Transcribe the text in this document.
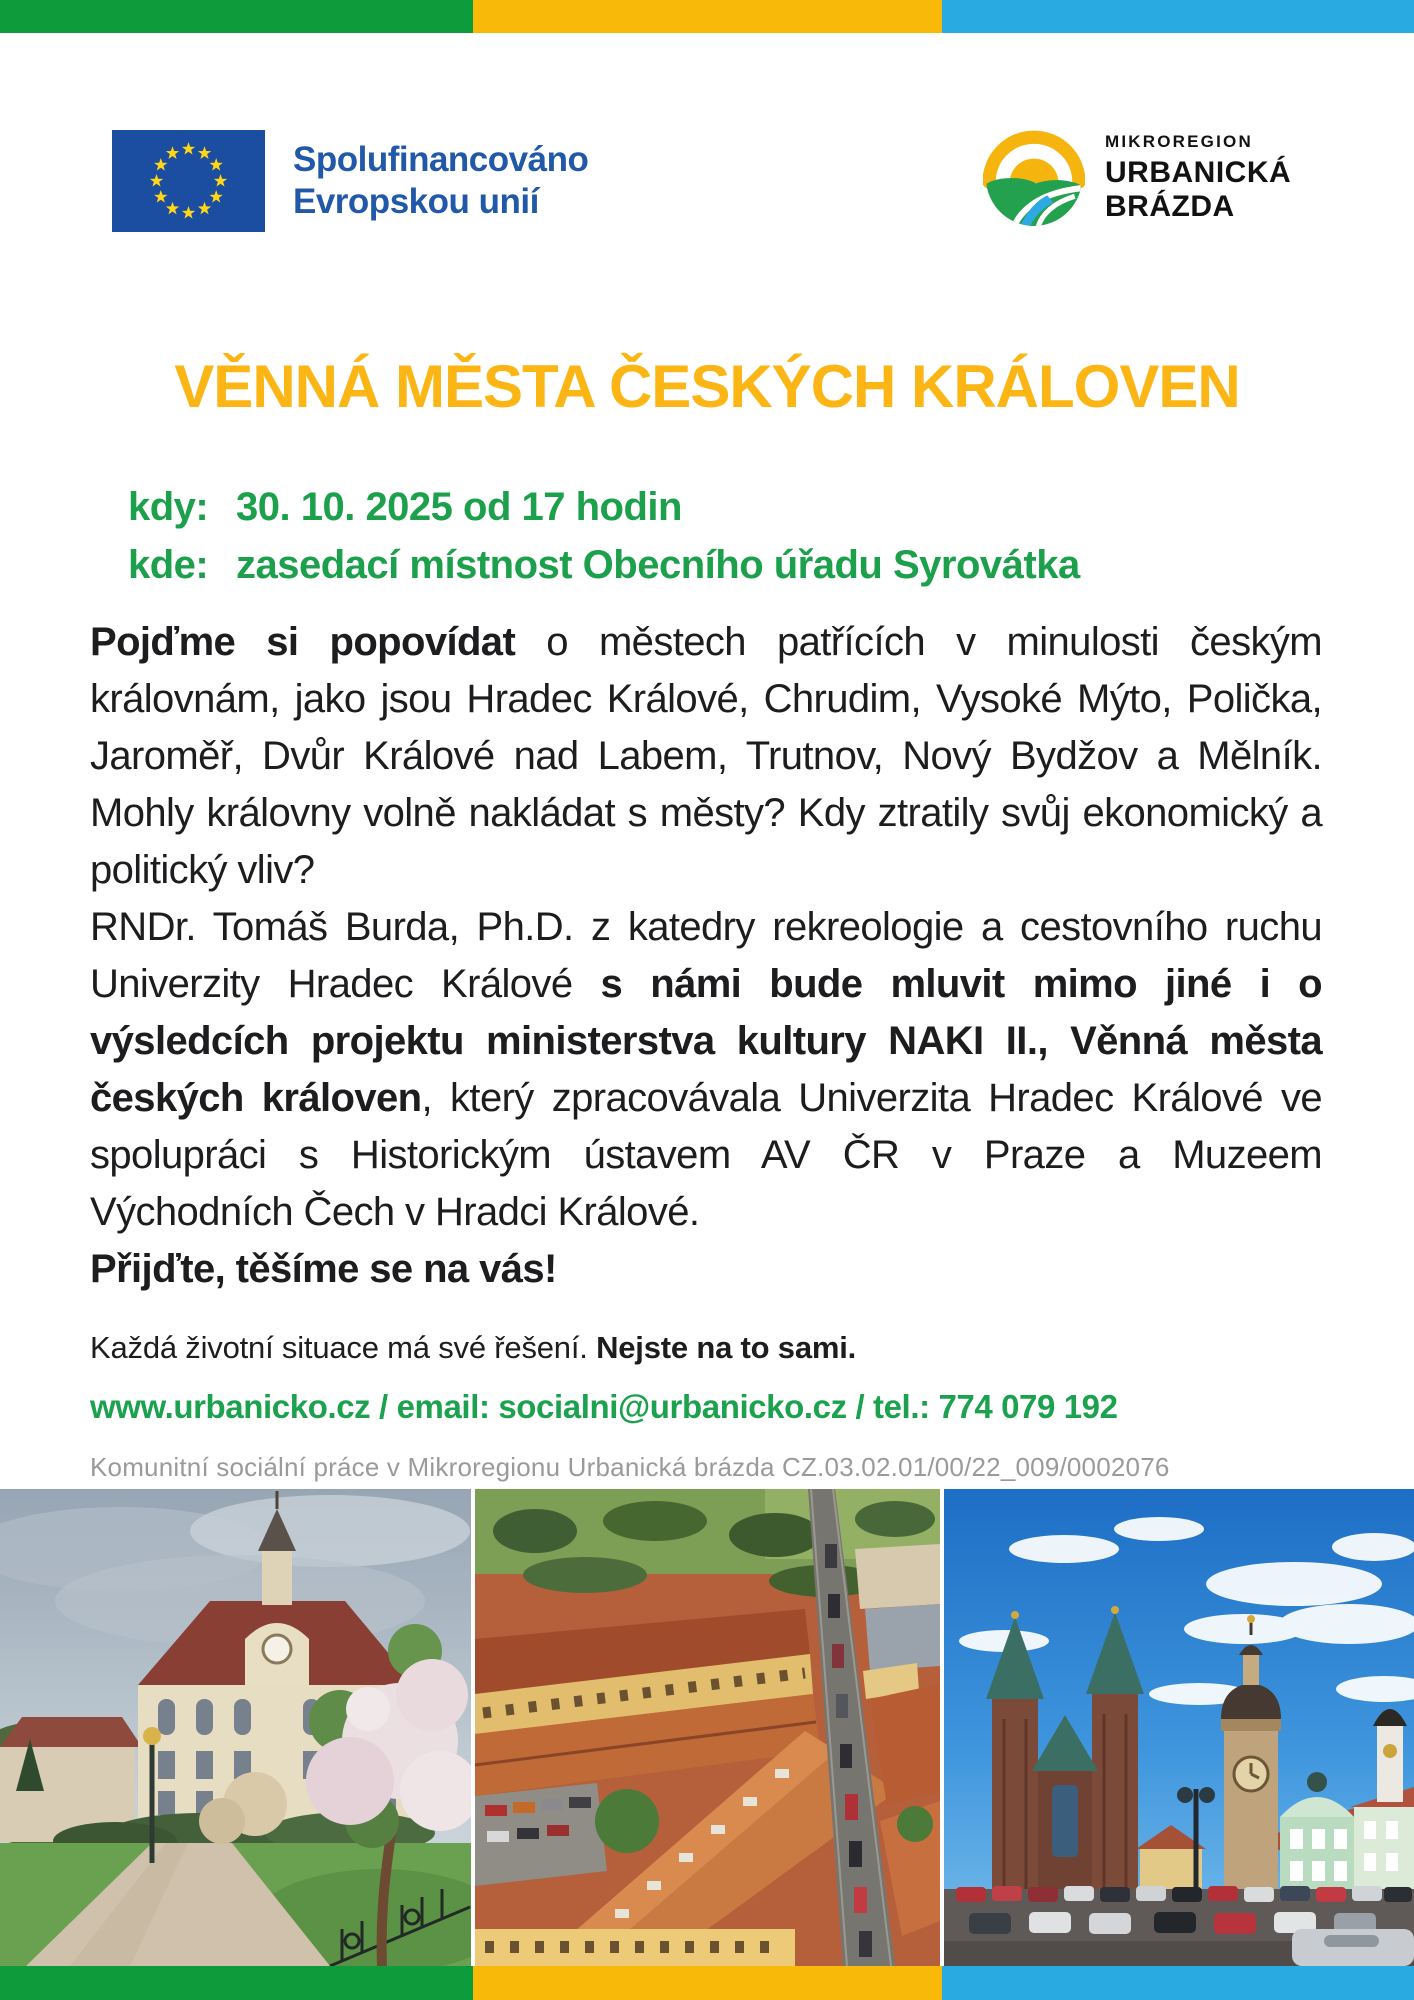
Spolufinancováno
Evropskou unií
MIKROREGION
URBANICKÁ
BRÁZDA
VĚNNÁ MĚSTA ČESKÝCH KRÁLOVEN
kdy: 30. 10. 2025 od 17 hodin
kde: zasedací místnost Obecního úřadu Syrovátka

Pojďme si popovídat o městech patřících v minulosti českým královnám, jako jsou Hradec Králové, Chrudim, Vysoké Mýto, Polička, Jaroměř, Dvůr Králové nad Labem, Trutnov, Nový Bydžov a Mělník. Mohly královny volně nakládat s městy? Kdy ztratily svůj ekonomický a politický vliv?

RNDr. Tomáš Burda, Ph.D. z katedry rekreologie a cestovního ruchu Univerzity Hradec Králové s námi bude mluvit mimo jiné i o výsledcích projektu ministerstva kultury NAKI II., Věnná města českých královen, který zpracovávala Univerzita Hradec Králové ve spolupráci s Historickým ústavem AV ČR v Praze a Muzeem Východních Čech v Hradci Králové.

Přijďte, těšíme se na vás!

Každá životní situace má své řešení. Nejste na to sami.
www.urbanicko.cz / email: socialni@urbanicko.cz / tel.: 774 079 192
Komunitní sociální práce v Mikroregionu Urbanická brázda CZ.03.02.01/00/22_009/0002076
